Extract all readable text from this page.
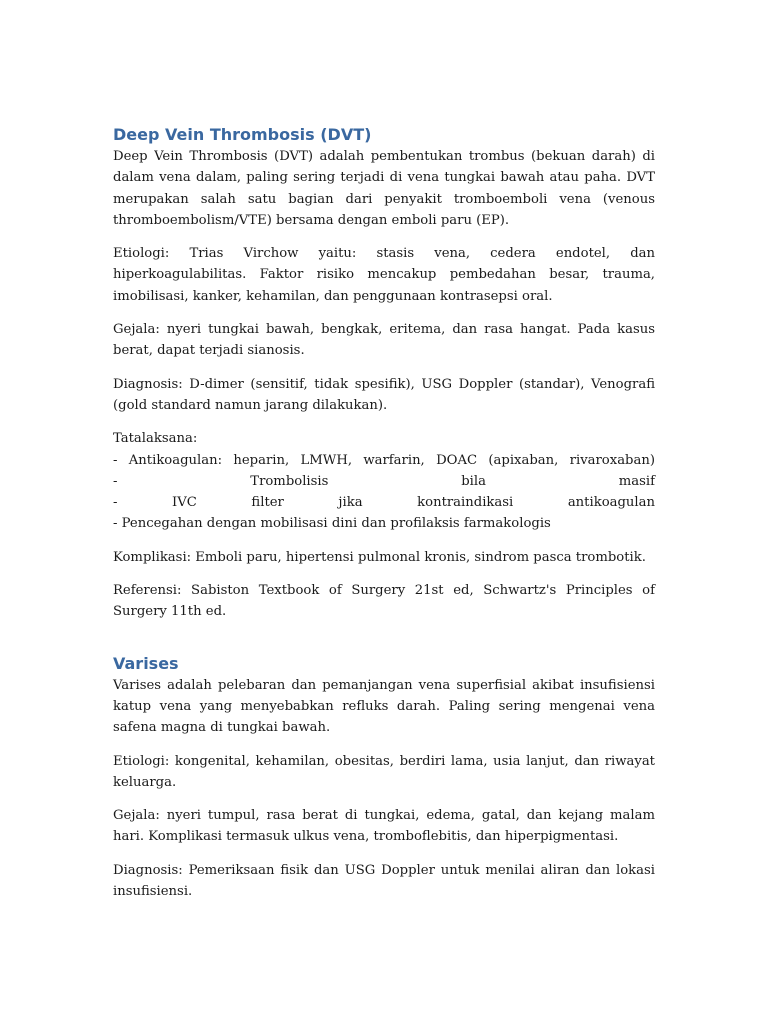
Deep Vein Thrombosis (DVT)

Deep Vein Thrombosis (DVT) adalah pembentukan trombus (bekuan darah) di dalam vena dalam, paling sering terjadi di vena tungkai bawah atau paha. DVT merupakan salah satu bagian dari penyakit tromboemboli vena (venous thromboembolism/VTE) bersama dengan emboli paru (EP).

Etiologi: Trias Virchow yaitu: stasis vena, cedera endotel, dan hiperkoagulabilitas. Faktor risiko mencakup pembedahan besar, trauma, imobilisasi, kanker, kehamilan, dan penggunaan kontrasepsi oral.

Gejala: nyeri tungkai bawah, bengkak, eritema, dan rasa hangat. Pada kasus berat, dapat terjadi sianosis.

Diagnosis: D-dimer (sensitif, tidak spesifik), USG Doppler (standar), Venografi (gold standard namun jarang dilakukan).

Tatalaksana:
- Antikoagulan: heparin, LMWH, warfarin, DOAC (apixaban, rivaroxaban)
- Trombolisis bila masif
- IVC filter jika kontraindikasi antikoagulan
- Pencegahan dengan mobilisasi dini dan profilaksis farmakologis

Komplikasi: Emboli paru, hipertensi pulmonal kronis, sindrom pasca trombotik.

Referensi: Sabiston Textbook of Surgery 21st ed, Schwartz's Principles of Surgery 11th ed.

Varises

Varises adalah pelebaran dan pemanjangan vena superfisial akibat insufisiensi katup vena yang menyebabkan refluks darah. Paling sering mengenai vena safena magna di tungkai bawah.

Etiologi: kongenital, kehamilan, obesitas, berdiri lama, usia lanjut, dan riwayat keluarga.

Gejala: nyeri tumpul, rasa berat di tungkai, edema, gatal, dan kejang malam hari. Komplikasi termasuk ulkus vena, tromboflebitis, dan hiperpigmentasi.

Diagnosis: Pemeriksaan fisik dan USG Doppler untuk menilai aliran dan lokasi insufisiensi.
